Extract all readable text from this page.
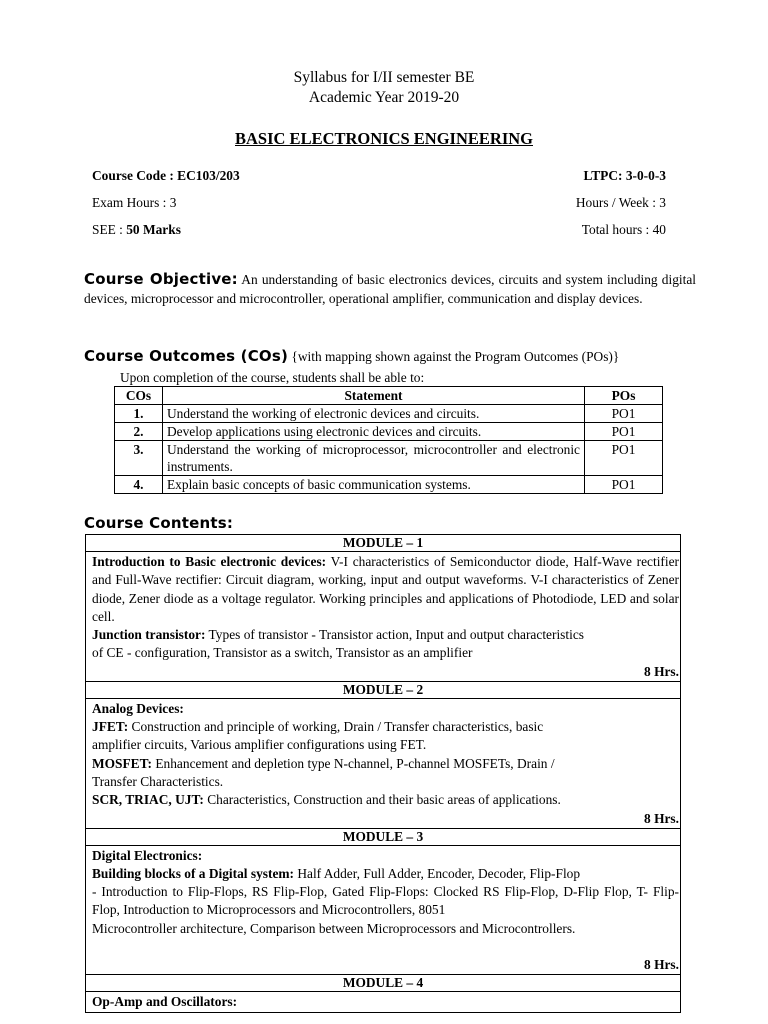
Syllabus for I/II semester BE
Academic Year 2019-20
BASIC ELECTRONICS ENGINEERING
Course Code : EC103/203	LTPC: 3-0-0-3
Exam Hours : 3	Hours / Week : 3
SEE : 50 Marks	Total hours : 40
Course Objective: An understanding of basic electronics devices, circuits and system including digital devices, microprocessor and microcontroller, operational amplifier, communication and display devices.
Course Outcomes (COs) {with mapping shown against the Program Outcomes (POs)}
Upon completion of the course, students shall be able to:
COs	Statement	POs
1.	Understand the working of electronic devices and circuits.	PO1
2.	Develop applications using electronic devices and circuits.	PO1
3.	Understand the working of microprocessor, microcontroller and electronic instruments.	PO1
4.	Explain basic concepts of basic communication systems.	PO1
Course Contents:
MODULE – 1

Introduction to Basic electronic devices: V-I characteristics of Semiconductor diode, Half-Wave rectifier and Full-Wave rectifier: Circuit diagram, working, input and output waveforms. V-I characteristics of Zener diode, Zener diode as a voltage regulator. Working principles and applications of Photodiode, LED and solar cell.

Junction transistor: Types of transistor - Transistor action, Input and output characteristics

of CE - configuration, Transistor as a switch, Transistor as an amplifier

8 Hrs.
MODULE – 2

Analog Devices:

JFET: Construction and principle of working, Drain / Transfer characteristics, basic

amplifier circuits, Various amplifier configurations using FET.

MOSFET: Enhancement and depletion type N-channel, P-channel MOSFETs, Drain /

Transfer Characteristics.

SCR, TRIAC, UJT: Characteristics, Construction and their basic areas of applications.

8 Hrs.
MODULE – 3

Digital Electronics:

Building blocks of a Digital system: Half Adder, Full Adder, Encoder, Decoder, Flip-Flop

- Introduction to Flip-Flops, RS Flip-Flop, Gated Flip-Flops: Clocked RS Flip-Flop, D-Flip Flop, T- Flip-Flop, Introduction to Microprocessors and Microcontrollers, 8051

Microcontroller architecture, Comparison between Microprocessors and Microcontrollers.

8 Hrs.
MODULE – 4

Op-Amp and Oscillators:
